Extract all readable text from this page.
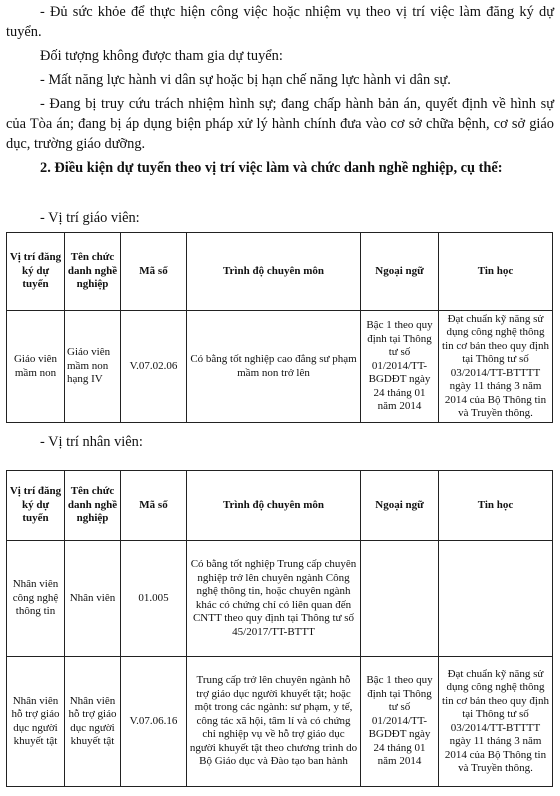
- Đủ sức khỏe để thực hiện công việc hoặc nhiệm vụ theo vị trí việc làm đăng ký dự tuyển.

Đối tượng không được tham gia dự tuyển:

- Mất năng lực hành vi dân sự hoặc bị hạn chế năng lực hành vi dân sự.

- Đang bị truy cứu trách nhiệm hình sự; đang chấp hành bản án, quyết định về hình sự của Tòa án; đang bị áp dụng biện pháp xử lý hành chính đưa vào cơ sở chữa bệnh, cơ sở giáo dục, trường giáo dưỡng.

2. Điều kiện dự tuyển theo vị trí việc làm và chức danh nghề nghiệp, cụ thể:

- Vị trí giáo viên:

Vị trí đăng ký dự tuyển	Tên chức danh nghề nghiệp	Mã số	Trình độ chuyên môn	Ngoại ngữ	Tin học
Giáo viên mầm non	Giáo viên mầm non hạng IV	V.07.02.06	Có bằng tốt nghiệp cao đẳng sư phạm mầm non trở lên	Bậc 1 theo quy định tại Thông tư số 01/2014/TT-BGDĐT ngày 24 tháng 01 năm 2014	Đạt chuẩn kỹ năng sử dụng công nghệ thông tin cơ bản theo quy định tại Thông tư số 03/2014/TT-BTTTT ngày 11 tháng 3 năm 2014 của Bộ Thông tin và Truyền thông.

- Vị trí nhân viên:

Vị trí đăng ký dự tuyển	Tên chức danh nghề nghiệp	Mã số	Trình độ chuyên môn	Ngoại ngữ	Tin học
Nhân viên công nghệ thông tin	Nhân viên	01.005	Có bằng tốt nghiệp Trung cấp chuyên nghiệp trở lên chuyên ngành Công nghệ thông tin, hoặc chuyên ngành khác có chứng chỉ có liên quan đến CNTT theo quy định tại Thông tư số 45/2017/TT-BTTT		
Nhân viên hỗ trợ giáo dục người khuyết tật	Nhân viên hỗ trợ giáo dục người khuyết tật	V.07.06.16	Trung cấp trở lên chuyên ngành hỗ trợ giáo dục người khuyết tật; hoặc một trong các ngành: sư phạm, y tế, công tác xã hội, tâm lí và có chứng chỉ nghiệp vụ về hỗ trợ giáo dục người khuyết tật theo chương trình do Bộ Giáo dục và Đào tạo ban hành	Bậc 1 theo quy định tại Thông tư số 01/2014/TT-BGDĐT ngày 24 tháng 01 năm 2014	Đạt chuẩn kỹ năng sử dụng công nghệ thông tin cơ bản theo quy định tại Thông tư số 03/2014/TT-BTTTT ngày 11 tháng 3 năm 2014 của Bộ Thông tin và Truyền thông.
